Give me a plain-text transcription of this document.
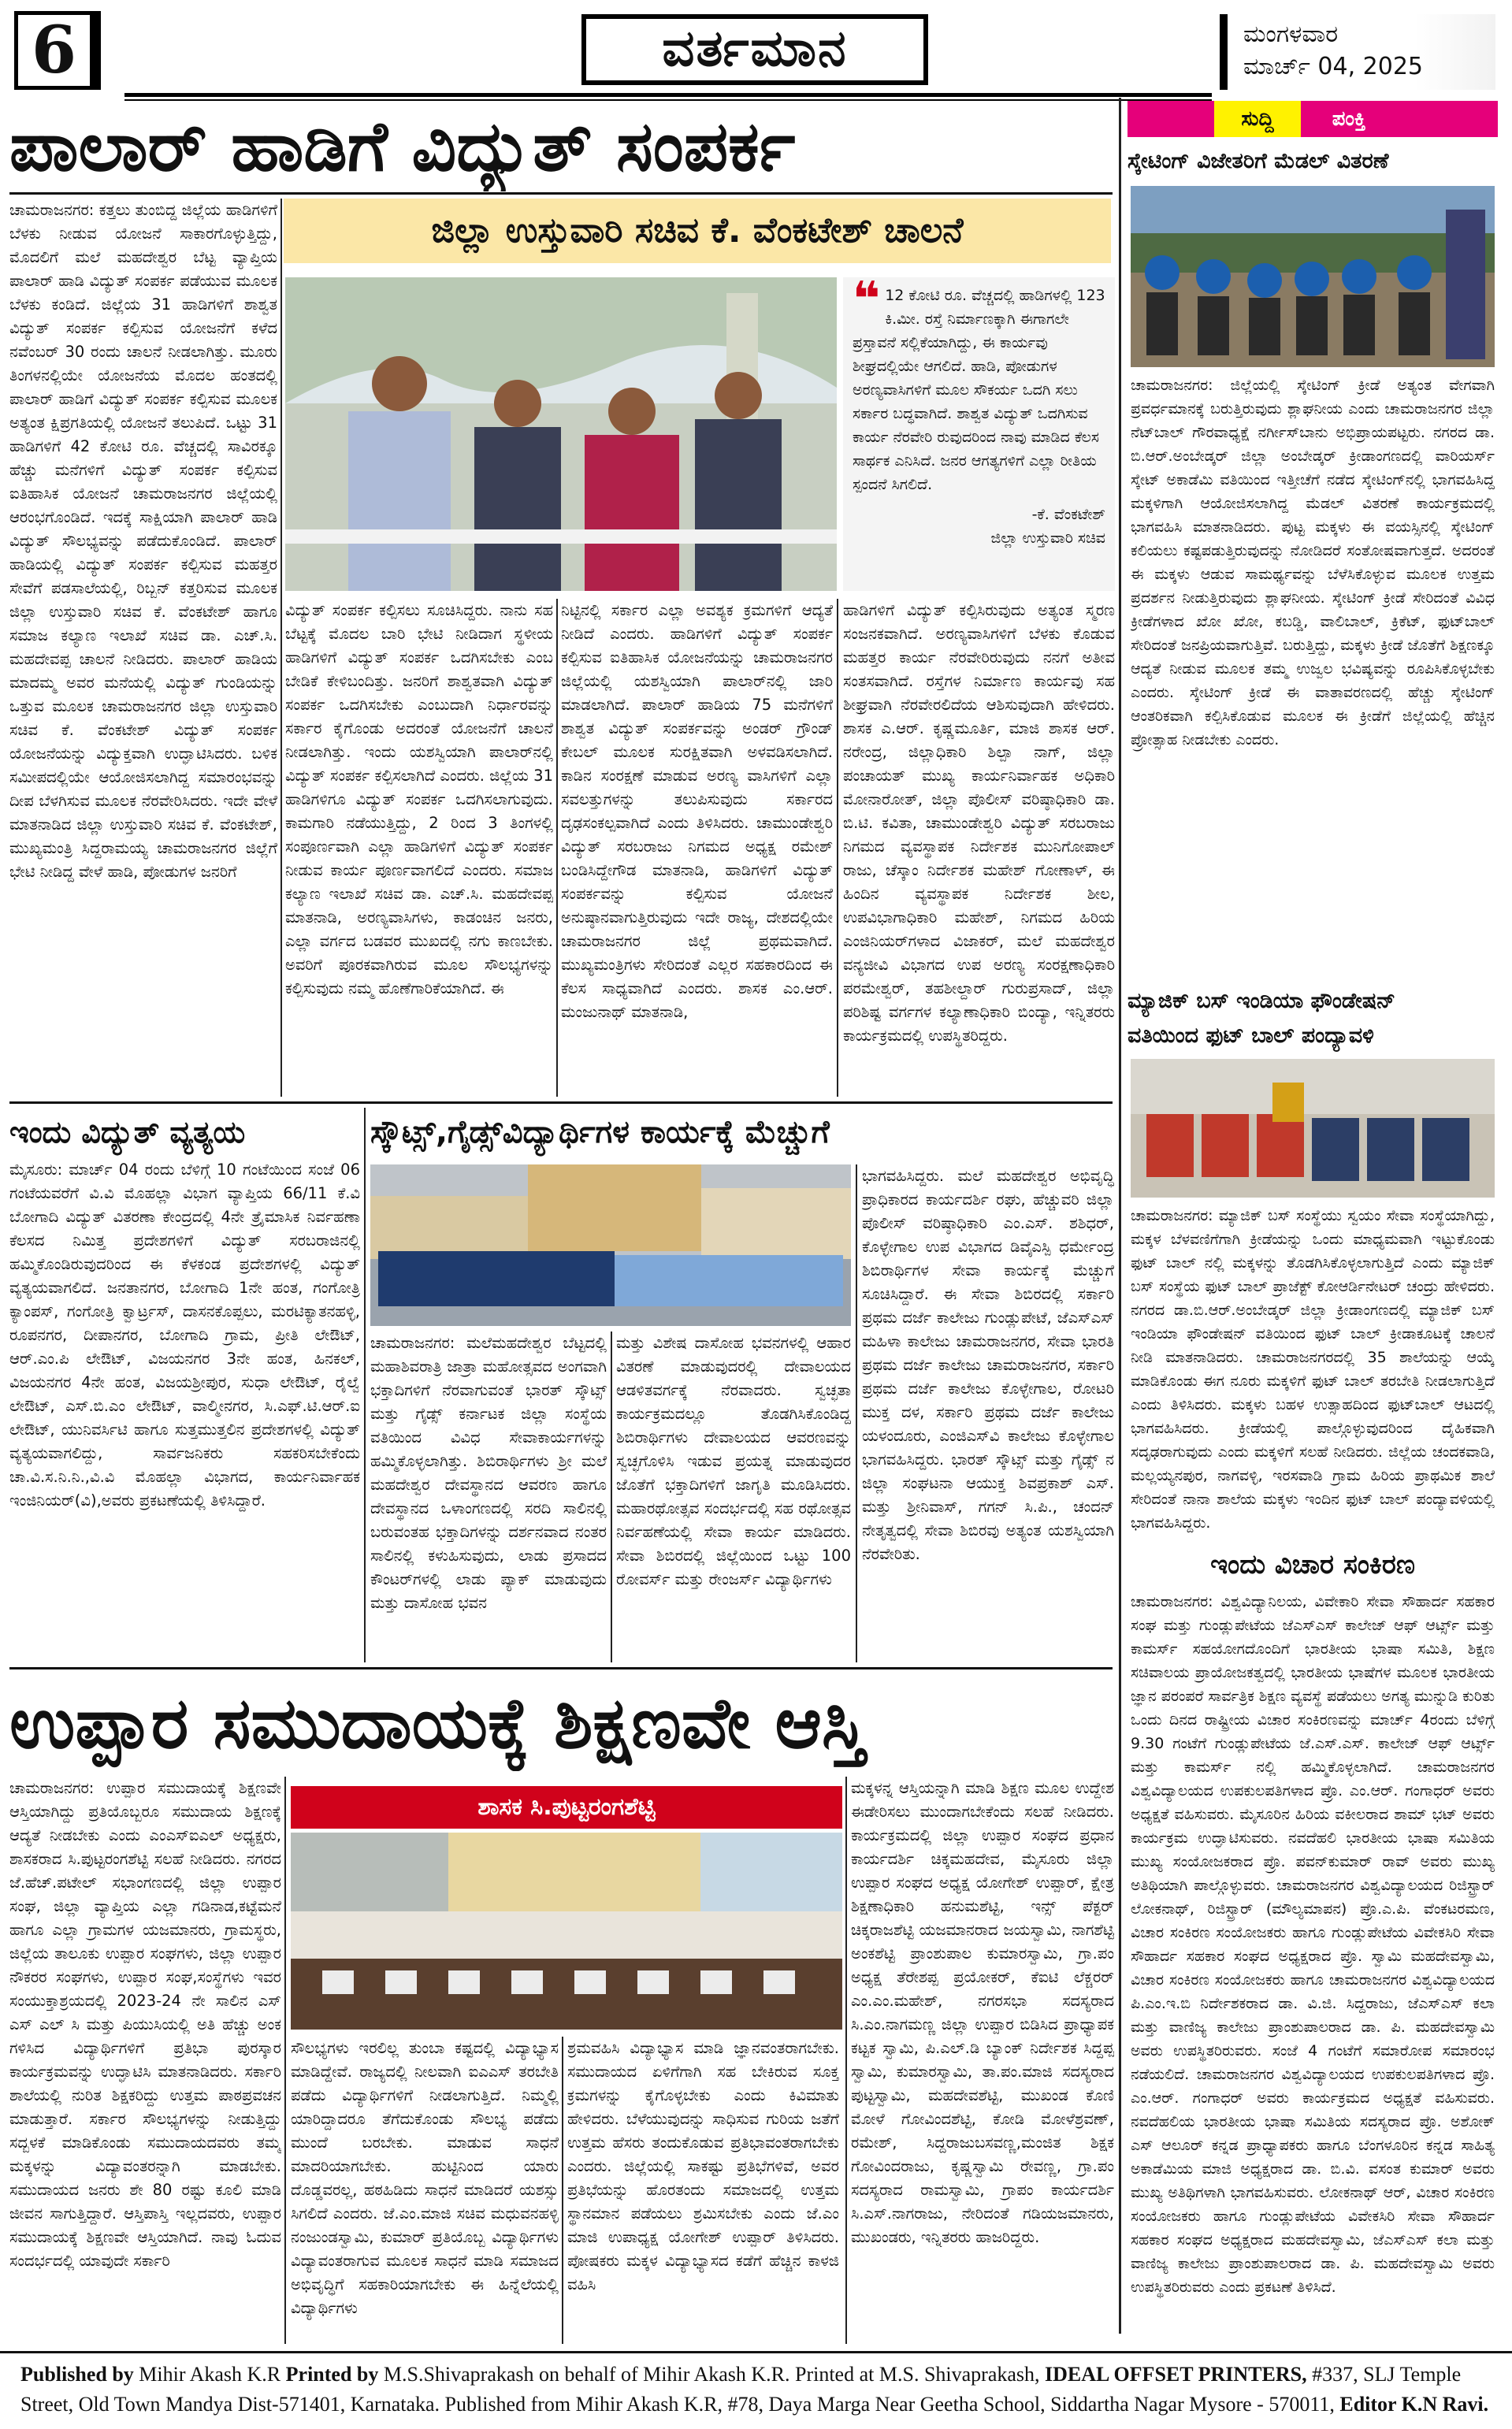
6	ವರ್ತಮಾನ	ಮಂಗಳವಾರ
ಮಾರ್ಚ್ 04, 2025
ಪಾಲಾರ್ ಹಾಡಿಗೆ ವಿದ್ಯುತ್ ಸಂಪರ್ಕ
ಚಾಮರಾಜನಗರ: ಕತ್ತಲು ತುಂಬಿದ್ದ ಜಿಲ್ಲೆಯ ಹಾಡಿಗಳಿಗೆ ಬೆಳಕು ನೀಡುವ ಯೋಜನೆ ಸಾಕಾರಗೊಳ್ಳುತ್ತಿದ್ದು, ಮೊದಲಿಗೆ ಮಲೆ ಮಹದೇಶ್ವರ ಬೆಟ್ಟ ವ್ಯಾಪ್ತಿಯ ಪಾಲಾರ್ ಹಾಡಿ ವಿದ್ಯುತ್ ಸಂಪರ್ಕ ಪಡೆಯುವ ಮೂಲಕ ಬೆಳಕು ಕಂಡಿದೆ. ಜಿಲ್ಲೆಯ 31 ಹಾಡಿಗಳಿಗೆ ಶಾಶ್ವತ ವಿದ್ಯುತ್ ಸಂಪರ್ಕ ಕಲ್ಪಿಸುವ ಯೋಜನೆಗೆ ಕಳೆದ ನವೆಂಬರ್ 30 ರಂದು ಚಾಲನೆ ನೀಡಲಾಗಿತ್ತು. ಮೂರು ತಿಂಗಳನಲ್ಲಿಯೇ ಯೋಜನೆಯ ಮೊದಲ ಹಂತದಲ್ಲಿ ಪಾಲಾರ್ ಹಾಡಿಗೆ ವಿದ್ಯುತ್ ಸಂಪರ್ಕ ಕಲ್ಪಿಸುವ ಮೂಲಕ ಅತ್ಯಂತ ಕ್ಷಿಪ್ರಗತಿಯಲ್ಲಿ ಯೋಜನೆ ತಲುಪಿದೆ. ಒಟ್ಟು 31 ಹಾಡಿಗಳಿಗೆ 42 ಕೋಟಿ ರೂ. ವೆಚ್ಚದಲ್ಲಿ ಸಾವಿರಕ್ಕೂ ಹೆಚ್ಚು ಮನೆಗಳಿಗೆ ವಿದ್ಯುತ್ ಸಂಪರ್ಕ ಕಲ್ಪಿಸುವ ಐತಿಹಾಸಿಕ ಯೋಜನೆ ಚಾಮರಾಜನಗರ ಜಿಲ್ಲೆಯಲ್ಲಿ ಆರಂಭಗೊಂಡಿದೆ. ಇದಕ್ಕೆ ಸಾಕ್ಷಿಯಾಗಿ ಪಾಲಾರ್ ಹಾಡಿ ವಿದ್ಯುತ್ ಸೌಲಭ್ಯವನ್ನು ಪಡೆದುಕೊಂಡಿದೆ. ಪಾಲಾರ್ ಹಾಡಿಯಲ್ಲಿ ವಿದ್ಯುತ್ ಸಂಪರ್ಕ ಕಲ್ಪಿಸುವ ಮಹತ್ತರ ಸೇವೆಗೆ ಪಡಸಾಲೆಯಲ್ಲಿ, ರಿಬ್ಬನ್ ಕತ್ತರಿಸುವ ಮೂಲಕ ಜಿಲ್ಲಾ ಉಸ್ತುವಾರಿ ಸಚಿವ ಕೆ. ವೆಂಕಟೇಶ್ ಹಾಗೂ ಸಮಾಜ ಕಲ್ಯಾಣ ಇಲಾಖೆ ಸಚಿವ ಡಾ. ಎಚ್.ಸಿ. ಮಹದೇವಪ್ಪ ಚಾಲನೆ ನೀಡಿದರು. ಪಾಲಾರ್ ಹಾಡಿಯ ಮಾದಮ್ಮ ಅವರ ಮನೆಯಲ್ಲಿ ವಿದ್ಯುತ್ ಗುಂಡಿಯನ್ನು ಒತ್ತುವ ಮೂಲಕ ಚಾಮರಾಜನಗರ ಜಿಲ್ಲಾ ಉಸ್ತುವಾರಿ ಸಚಿವ ಕೆ. ವೆಂಕಟೇಶ್ ವಿದ್ಯುತ್ ಸಂಪರ್ಕ ಯೋಜನೆಯನ್ನು ವಿದ್ಯುಕ್ತವಾಗಿ ಉದ್ಘಾಟಿಸಿದರು. ಬಳಿಕ ಸಮೀಪದಲ್ಲಿಯೇ ಆಯೋಜಿಸಲಾಗಿದ್ದ ಸಮಾರಂಭವನ್ನು ದೀಪ ಬೆಳಗಿಸುವ ಮೂಲಕ ನೆರವೇರಿಸಿದರು. ಇದೇ ವೇಳೆ ಮಾತನಾಡಿದ ಜಿಲ್ಲಾ ಉಸ್ತುವಾರಿ ಸಚಿವ ಕೆ. ವೆಂಕಟೇಶ್, ಮುಖ್ಯಮಂತ್ರಿ ಸಿದ್ದರಾಮಯ್ಯ ಚಾಮರಾಜನಗರ ಜಿಲ್ಲೆಗೆ ಭೇಟಿ ನೀಡಿದ್ದ ವೇಳೆ ಹಾಡಿ, ಪೋಡುಗಳ ಜನರಿಗೆ
ಜಿಲ್ಲಾ ಉಸ್ತುವಾರಿ ಸಚಿವ ಕೆ. ವೆಂಕಟೇಶ್ ಚಾಲನೆ
❝ 12 ಕೋಟಿ ರೂ. ವೆಚ್ಚದಲ್ಲಿ ಹಾಡಿಗಳಲ್ಲಿ 123 ಕಿ.ಮೀ. ರಸ್ತೆ ನಿರ್ಮಾಣಕ್ಕಾಗಿ ಈಗಾಗಲೇ ಪ್ರಸ್ತಾವನೆ ಸಲ್ಲಿಕೆಯಾಗಿದ್ದು, ಈ ಕಾರ್ಯವು ಶೀಘ್ರದಲ್ಲಿಯೇ ಆಗಲಿದೆ. ಹಾಡಿ, ಪೋಡುಗಳ ಅರಣ್ಯವಾಸಿಗಳಿಗೆ ಮೂಲ ಸೌಕರ್ಯ ಒದಗಿ ಸಲು ಸರ್ಕಾರ ಬದ್ಧವಾಗಿದೆ. ಶಾಶ್ವತ ವಿದ್ಯುತ್ ಒದಗಿಸುವ ಕಾರ್ಯ ನೆರವೇರಿ ರುವುದರಿಂದ ನಾವು ಮಾಡಿದ ಕೆಲಸ ಸಾರ್ಥಕ ಎನಿಸಿದೆ. ಜನರ ಆಗತ್ಯಗಳಿಗೆ ಎಲ್ಲಾ ರೀತಿಯ ಸ್ಪಂದನೆ ಸಿಗಲಿದೆ.
-ಕೆ. ವೆಂಕಟೇಶ್
ಜಿಲ್ಲಾ ಉಸ್ತುವಾರಿ ಸಚಿವ
ವಿದ್ಯುತ್ ಸಂಪರ್ಕ ಕಲ್ಪಿಸಲು ಸೂಚಿಸಿದ್ದರು. ನಾನು ಸಹ ಬೆಟ್ಟಕ್ಕೆ ಮೊದಲ ಬಾರಿ ಭೇಟಿ ನೀಡಿದಾಗ ಸ್ಥಳೀಯ ಹಾಡಿಗಳಿಗೆ ವಿದ್ಯುತ್ ಸಂಪರ್ಕ ಒದಗಿಸಬೇಕು ಎಂಬ ಬೇಡಿಕೆ ಕೇಳಿಬಂದಿತ್ತು. ಜನರಿಗೆ ಶಾಶ್ವತವಾಗಿ ವಿದ್ಯುತ್ ಸಂಪರ್ಕ ಒದಗಿಸಬೇಕು ಎಂಬುದಾಗಿ ನಿರ್ಧಾರವನ್ನು ಸರ್ಕಾರ ಕೈಗೊಂಡು ಅದರಂತೆ ಯೋಜನೆಗೆ ಚಾಲನೆ ನೀಡಲಾಗಿತ್ತು. ಇಂದು ಯಶಸ್ವಿಯಾಗಿ ಪಾಲಾರ್‌ನಲ್ಲಿ ವಿದ್ಯುತ್ ಸಂಪರ್ಕ ಕಲ್ಪಿಸಲಾಗಿದೆ ಎಂದರು. ಜಿಲ್ಲೆಯ 31 ಹಾಡಿಗಳಿಗೂ ವಿದ್ಯುತ್ ಸಂಪರ್ಕ ಒದಗಿಸಲಾಗುವುದು. ಕಾಮಗಾರಿ ನಡೆಯುತ್ತಿದ್ದು, 2 ರಿಂದ 3 ತಿಂಗಳಲ್ಲಿ ಸಂಪೂರ್ಣವಾಗಿ ಎಲ್ಲಾ ಹಾಡಿಗಳಿಗೆ ವಿದ್ಯುತ್ ಸಂಪರ್ಕ ನೀಡುವ ಕಾರ್ಯ ಪೂರ್ಣವಾಗಲಿದೆ ಎಂದರು. ಸಮಾಜ ಕಲ್ಯಾಣ ಇಲಾಖೆ ಸಚಿವ ಡಾ. ಎಚ್.ಸಿ. ಮಹದೇವಪ್ಪ ಮಾತನಾಡಿ, ಅರಣ್ಯವಾಸಿಗಳು, ಕಾಡಂಚಿನ ಜನರು, ಎಲ್ಲಾ ವರ್ಗದ ಬಡವರ ಮುಖದಲ್ಲಿ ನಗು ಕಾಣಬೇಕು. ಅವರಿಗೆ ಪೂರಕವಾಗಿರುವ ಮೂಲ ಸೌಲಭ್ಯಗಳನ್ನು ಕಲ್ಪಿಸುವುದು ನಮ್ಮ ಹೊಣೆಗಾರಿಕೆಯಾಗಿದೆ. ಈ
ನಿಟ್ಟಿನಲ್ಲಿ ಸರ್ಕಾರ ಎಲ್ಲಾ ಅವಶ್ಯಕ ಕ್ರಮಗಳಿಗೆ ಆದ್ಯತೆ ನೀಡಿದೆ ಎಂದರು. ಹಾಡಿಗಳಿಗೆ ವಿದ್ಯುತ್ ಸಂಪರ್ಕ ಕಲ್ಪಿಸುವ ಐತಿಹಾಸಿಕ ಯೋಜನೆಯನ್ನು ಚಾಮರಾಜನಗರ ಜಿಲ್ಲೆಯಲ್ಲಿ ಯಶಸ್ವಿಯಾಗಿ ಪಾಲಾರ್‌ನಲ್ಲಿ ಜಾರಿ ಮಾಡಲಾಗಿದೆ. ಪಾಲಾರ್ ಹಾಡಿಯ 75 ಮನೆಗಳಿಗೆ ಶಾಶ್ವತ ವಿದ್ಯುತ್ ಸಂಪರ್ಕವನ್ನು ಅಂಡರ್ ಗ್ರೌಂಡ್ ಕೇಬಲ್ ಮೂಲಕ ಸುರಕ್ಷಿತವಾಗಿ ಅಳವಡಿಸಲಾಗಿದೆ. ಕಾಡಿನ ಸಂರಕ್ಷಣೆ ಮಾಡುವ ಅರಣ್ಯ ವಾಸಿಗಳಿಗೆ ಎಲ್ಲಾ ಸವಲತ್ತುಗಳನ್ನು ತಲುಪಿಸುವುದು ಸರ್ಕಾರದ ದೃಢಸಂಕಲ್ಪವಾಗಿದೆ ಎಂದು ತಿಳಿಸಿದರು. ಚಾಮುಂಡೇಶ್ವರಿ ವಿದ್ಯುತ್ ಸರಬರಾಜು ನಿಗಮದ ಅಧ್ಯಕ್ಷ ರಮೇಶ್ ಬಂಡಿಸಿದ್ದೇಗೌಡ ಮಾತನಾಡಿ, ಹಾಡಿಗಳಿಗೆ ವಿದ್ಯುತ್ ಸಂಪರ್ಕವನ್ನು ಕಲ್ಪಿಸುವ ಯೋಜನೆ ಅನುಷ್ಠಾನವಾಗುತ್ತಿರುವುದು ಇದೇ ರಾಜ್ಯ, ದೇಶದಲ್ಲಿಯೇ ಚಾಮರಾಜನಗರ ಜಿಲ್ಲೆ ಪ್ರಥಮವಾಗಿದೆ. ಮುಖ್ಯಮಂತ್ರಿಗಳು ಸೇರಿದಂತೆ ಎಲ್ಲರ ಸಹಕಾರದಿಂದ ಈ ಕೆಲಸ ಸಾಧ್ಯವಾಗಿದೆ ಎಂದರು. ಶಾಸಕ ಎಂ.ಆರ್. ಮಂಜುನಾಥ್ ಮಾತನಾಡಿ,
ಹಾಡಿಗಳಿಗೆ ವಿದ್ಯುತ್ ಕಲ್ಪಿಸಿರುವುದು ಅತ್ಯಂತ ಸ್ಮರಣ ಸಂಜನಕವಾಗಿದೆ. ಅರಣ್ಯವಾಸಿಗಳಿಗೆ ಬೆಳಕು ಕೊಡುವ ಮಹತ್ತರ ಕಾರ್ಯ ನೆರವೇರಿರುವುದು ನನಗೆ ಅತೀವ ಸಂತಸವಾಗಿದೆ. ರಸ್ತೆಗಳ ನಿರ್ಮಾಣ ಕಾರ್ಯವು ಸಹ ಶೀಘ್ರವಾಗಿ ನೆರವೇರಲಿದೆಯ ಆಶಿಸುವುದಾಗಿ ಹೇಳಿದರು. ಶಾಸಕ ಎ.ಆರ್. ಕೃಷ್ಣಮೂರ್ತಿ, ಮಾಜಿ ಶಾಸಕ ಆರ್. ನರೇಂದ್ರ, ಜಿಲ್ಲಾಧಿಕಾರಿ ಶಿಲ್ಪಾ ನಾಗ್, ಜಿಲ್ಲಾ ಪಂಚಾಯತ್ ಮುಖ್ಯ ಕಾರ್ಯನಿರ್ವಾಹಕ ಅಧಿಕಾರಿ ಮೋನಾರೋತ್, ಜಿಲ್ಲಾ ಪೊಲೀಸ್ ವರಿಷ್ಠಾಧಿಕಾರಿ ಡಾ. ಬಿ.ಟಿ. ಕವಿತಾ, ಚಾಮುಂಡೇಶ್ವರಿ ವಿದ್ಯುತ್ ಸರಬರಾಜು ನಿಗಮದ ವ್ಯವಸ್ಥಾಪಕ ನಿರ್ದೇಶಕ ಮುನಿಗೋಪಾಲ್ ರಾಜು, ಚೆಸ್ಕಾಂ ನಿರ್ದೇಶಕ ಮಹೇಶ್ ಗೋಣಾಳ್, ಈ ಹಿಂದಿನ ವ್ಯವಸ್ಥಾಪಕ ನಿರ್ದೇಶಕ ಶೀಲ, ಉಪವಿಭಾಗಾಧಿಕಾರಿ ಮಹೇಶ್, ನಿಗಮದ ಹಿರಿಯ ಎಂಜಿನಿಯರ್‌ಗಳಾದ ವಿಜಾಕರ್, ಮಲೆ ಮಹದೇಶ್ವರ ವನ್ಯಜೀವಿ ವಿಭಾಗದ ಉಪ ಅರಣ್ಯ ಸಂರಕ್ಷಣಾಧಿಕಾರಿ ಪರಮೇಶ್ವರ್, ತಹಶೀಲ್ದಾರ್ ಗುರುಪ್ರಸಾದ್, ಜಿಲ್ಲಾ ಪರಿಶಿಷ್ಟ ವರ್ಗಗಳ ಕಲ್ಯಾಣಾಧಿಕಾರಿ ಬಿಂದ್ಯಾ, ಇನ್ನಿತರರು ಕಾರ್ಯಕ್ರಮದಲ್ಲಿ ಉಪಸ್ಥಿತರಿದ್ದರು.
ಇಂದು ವಿದ್ಯುತ್ ವ್ಯತ್ಯಯ
ಮೈಸೂರು: ಮಾರ್ಚ್ 04 ರಂದು ಬೆಳಿಗ್ಗೆ 10 ಗಂಟೆಯಿಂದ ಸಂಜೆ 06 ಗಂಟೆಯವರೆಗೆ ವಿ.ವಿ ಮೊಹಲ್ಲಾ ವಿಭಾಗ ವ್ಯಾಪ್ತಿಯ 66/11 ಕೆ.ವಿ ಬೋಗಾದಿ ವಿದ್ಯುತ್ ವಿತರಣಾ ಕೇಂದ್ರದಲ್ಲಿ 4ನೇ ತ್ರೈಮಾಸಿಕ ನಿರ್ವಹಣಾ ಕೆಲಸದ ನಿಮಿತ್ತ ಪ್ರದೇಶಗಳಿಗೆ ವಿದ್ಯುತ್ ಸರಬರಾಜಿನಲ್ಲಿ ಹಮ್ಮಿಕೊಂಡಿರುವುದರಿಂದ ಈ ಕೆಳಕಂಡ ಪ್ರದೇಶಗಳಲ್ಲಿ ವಿದ್ಯುತ್ ವ್ಯತ್ಯಯವಾಗಲಿದೆ. ಜನತಾನಗರ, ಬೋಗಾದಿ 1ನೇ ಹಂತ, ಗಂಗೋತ್ರಿ ಕ್ಯಾಂಪಸ್, ಗಂಗೋತ್ರಿ ಕ್ವಾರ್ಟ್ರಸ್, ದಾಸನಕೊಪ್ಪಲು, ಮರಟಿಕ್ಯಾತನಹಳ್ಳಿ, ರೂಪನಗರ, ದೀಪಾನಗರ, ಬೋಗಾದಿ ಗ್ರಾಮ, ಪ್ರೀತಿ ಲೇಔಟ್, ಆರ್.ಎಂ.ಪಿ ಲೇಔಟ್, ವಿಜಯನಗರ 3ನೇ ಹಂತ, ಹಿನಕಲ್, ವಿಜಯನಗರ 4ನೇ ಹಂತ, ವಿಜಯಶ್ರೀಪುರ, ಸುಧಾ ಲೇಔಟ್, ರೈಲ್ವೆ ಲೇಔಟ್, ಎಸ್.ಬಿ.ಎಂ ಲೇಔಟ್, ವಾಲ್ಮೀನಗರ, ಸಿ.ಎಫ್.ಟಿ.ಆರ್.ಐ ಲೇಔಟ್, ಯುನಿವರ್ಸಿಟಿ ಹಾಗೂ ಸುತ್ತಮುತ್ತಲಿನ ಪ್ರದೇಶಗಳಲ್ಲಿ ವಿದ್ಯುತ್ ವ್ಯತ್ಯಯವಾಗಲಿದ್ದು, ಸಾರ್ವಜನಿಕರು ಸಹಕರಿಸಬೇಕೆಂದು ಚಾ.ವಿ.ಸ.ನಿ.ನಿ.,ವಿ.ವಿ ಮೊಹಲ್ಲಾ ವಿಭಾಗದ, ಕಾರ್ಯನಿರ್ವಾಹಕ ಇಂಜಿನಿಯರ್(ವಿ),ಅವರು ಪ್ರಕಟಣೆಯಲ್ಲಿ ತಿಳಿಸಿದ್ದಾರೆ.
ಸ್ಕೌಟ್ಸ್,ಗೈಡ್ಸ್‌ವಿದ್ಯಾರ್ಥಿಗಳ ಕಾರ್ಯಕ್ಕೆ ಮೆಚ್ಚುಗೆ
ಚಾಮರಾಜನಗರ: ಮಲೆಮಹದೇಶ್ವರ ಬೆಟ್ಟದಲ್ಲಿ ಮಹಾಶಿವರಾತ್ರಿ ಜಾತ್ರಾ ಮಹೋತ್ಸವದ ಅಂಗವಾಗಿ ಭಕ್ತಾದಿಗಳಿಗೆ ನೆರವಾಗುವಂತೆ ಭಾರತ್ ಸ್ಕೌಟ್ಸ್ ಮತ್ತು ಗೈಡ್ಸ್ ಕರ್ನಾಟಕ ಜಿಲ್ಲಾ ಸಂಸ್ಥೆಯ ವತಿಯಿಂದ ವಿವಿಧ ಸೇವಾಕಾರ್ಯಗಳನ್ನು ಹಮ್ಮಿಕೊಳ್ಳಲಾಗಿತ್ತು. ಶಿಬಿರಾರ್ಥಿಗಳು ಶ್ರೀ ಮಲೆ ಮಹದೇಶ್ವರ ದೇವಸ್ಥಾನದ ಆವರಣ ಹಾಗೂ ದೇವಸ್ಥಾನದ ಒಳಾಂಗಣದಲ್ಲಿ ಸರದಿ ಸಾಲಿನಲ್ಲಿ ಬರುವಂತಹ ಭಕ್ತಾದಿಗಳನ್ನು ದರ್ಶನವಾದ ನಂತರ ಸಾಲಿನಲ್ಲಿ ಕಳುಹಿಸುವುದು, ಲಾಡು ಪ್ರಸಾದದ ಕೌಂಟರ್‌ಗಳಲ್ಲಿ ಲಾಡು ಪ್ಯಾಕ್ ಮಾಡುವುದು ಮತ್ತು ದಾಸೋಹ ಭವನ
ಮತ್ತು ವಿಶೇಷ ದಾಸೋಹ ಭವನಗಳಲ್ಲಿ ಆಹಾರ ವಿತರಣೆ ಮಾಡುವುದರಲ್ಲಿ ದೇವಾಲಯದ ಆಡಳಿತವರ್ಗಕ್ಕೆ ನೆರವಾದರು. ಸ್ವಚ್ಛತಾ ಕಾರ್ಯಕ್ರಮದಲ್ಲೂ ತೊಡಗಿಸಿಕೊಂಡಿದ್ದ ಶಿಬಿರಾರ್ಥಿಗಳು ದೇವಾಲಯದ ಆವರಣವನ್ನು ಸ್ವಚ್ಛಗೊಳಿಸಿ ಇಡುವ ಪ್ರಯತ್ನ ಮಾಡುವುದರ ಜೊತೆಗೆ ಭಕ್ತಾದಿಗಳಿಗೆ ಜಾಗೃತಿ ಮೂಡಿಸಿದರು. ಮಹಾರಥೋತ್ಸವ ಸಂದರ್ಭದಲ್ಲಿ ಸಹ ರಥೋತ್ಸವ ನಿರ್ವಹಣೆಯಲ್ಲಿ ಸೇವಾ ಕಾರ್ಯ ಮಾಡಿದರು. ಸೇವಾ ಶಿಬಿರದಲ್ಲಿ ಜಿಲ್ಲೆಯಿಂದ ಒಟ್ಟು 100 ರೋವರ್ಸ್ ಮತ್ತು ರೇಂಜರ್ಸ್ ವಿದ್ಯಾರ್ಥಿಗಳು
ಭಾಗವಹಿಸಿದ್ದರು. ಮಲೆ ಮಹದೇಶ್ವರ ಅಭಿವೃದ್ಧಿ ಪ್ರಾಧಿಕಾರದ ಕಾರ್ಯದರ್ಶಿ ರಘು, ಹೆಚ್ಚುವರಿ ಜಿಲ್ಲಾ ಪೊಲೀಸ್ ವರಿಷ್ಠಾಧಿಕಾರಿ ಎಂ.ಎಸ್. ಶಶಿಧರ್, ಕೊಳ್ಳೇಗಾಲ ಉಪ ವಿಭಾಗದ ಡಿವೈಎಸ್ಪಿ ಧರ್ಮೇಂದ್ರ ಶಿಬಿರಾರ್ಥಿಗಳ ಸೇವಾ ಕಾರ್ಯಕ್ಕೆ ಮೆಚ್ಚುಗೆ ಸೂಚಿಸಿದ್ದಾರೆ. ಈ ಸೇವಾ ಶಿಬಿರದಲ್ಲಿ ಸರ್ಕಾರಿ ಪ್ರಥಮ ದರ್ಜೆ ಕಾಲೇಜು ಗುಂಡ್ಲುಪೇಟೆ, ಜೆಎಸ್ಎಸ್ ಮಹಿಳಾ ಕಾಲೇಜು ಚಾಮರಾಜನಗರ, ಸೇವಾ ಭಾರತಿ ಪ್ರಥಮ ದರ್ಜೆ ಕಾಲೇಜು ಚಾಮರಾಜನಗರ, ಸರ್ಕಾರಿ ಪ್ರಥಮ ದರ್ಜೆ ಕಾಲೇಜು ಕೊಳ್ಳೇಗಾಲ, ರೋಟರಿ ಮುಕ್ತ ದಳ, ಸರ್ಕಾರಿ ಪ್ರಥಮ ದರ್ಜೆ ಕಾಲೇಜು ಯಳಂದೂರು, ಎಂಜಿಎಸ್‌ವಿ ಕಾಲೇಜು ಕೊಳ್ಳೇಗಾಲ ಭಾಗವಹಿಸಿದ್ದರು. ಭಾರತ್ ಸ್ಕೌಟ್ಸ್ ಮತ್ತು ಗೈಡ್ಸ್ ನ ಜಿಲ್ಲಾ ಸಂಘಟನಾ ಆಯುಕ್ತ ಶಿವಪ್ರಕಾಶ್ ಎಸ್. ಮತ್ತು ಶ್ರೀನಿವಾಸ್, ಗಗನ್ ಸಿ.ಪಿ., ಚಂದನ್ ನೇತೃತ್ವದಲ್ಲಿ ಸೇವಾ ಶಿಬಿರವು ಅತ್ಯಂತ ಯಶಸ್ವಿಯಾಗಿ ನೆರವೇರಿತು.
ಉಪ್ಪಾರ ಸಮುದಾಯಕ್ಕೆ ಶಿಕ್ಷಣವೇ ಆಸ್ತಿ
ಚಾಮರಾಜನಗರ: ಉಪ್ಪಾರ ಸಮುದಾಯಕ್ಕೆ ಶಿಕ್ಷಣವೇ ಆಸ್ತಿಯಾಗಿದ್ದು ಪ್ರತಿಯೊಬ್ಬರೂ ಸಮುದಾಯ ಶಿಕ್ಷಣಕ್ಕೆ ಆದ್ಯತೆ ನೀಡಬೇಕು ಎಂದು ಎಂಎಸ್ಐಎಲ್ ಅಧ್ಯಕ್ಷರು, ಶಾಸಕರಾದ ಸಿ.ಪುಟ್ಟರಂಗಶೆಟ್ಟಿ ಸಲಹೆ ನೀಡಿದರು. ನಗರದ ಜೆ.ಹೆಚ್.ಪಟೇಲ್ ಸಭಾಂಗಣದಲ್ಲಿ ಜಿಲ್ಲಾ ಉಪ್ಪಾರ ಸಂಘ, ಜಿಲ್ಲಾ ವ್ಯಾಪ್ತಿಯ ಎಲ್ಲಾ ಗಡಿನಾಡ,ಕಟ್ಟೆಮನೆ ಹಾಗೂ ಎಲ್ಲಾ ಗ್ರಾಮಗಳ ಯಜಮಾನರು, ಗ್ರಾಮಸ್ಥರು, ಜಿಲ್ಲೆಯ ತಾಲೂಕು ಉಪ್ಪಾರ ಸಂಘಗಳು, ಜಿಲ್ಲಾ ಉಪ್ಪಾರ ನೌಕರರ ಸಂಘಗಳು, ಉಪ್ಪಾರ ಸಂಘ,ಸಂಸ್ಥೆಗಳು ಇವರ ಸಂಯುಕ್ತಾಶ್ರಯದಲ್ಲಿ 2023-24 ನೇ ಸಾಲಿನ ಎಸ್ ಎಸ್ ಎಲ್ ಸಿ ಮತ್ತು ಪಿಯುಸಿಯಲ್ಲಿ ಅತಿ ಹೆಚ್ಚು ಅಂಕ ಗಳಿಸಿದ ವಿದ್ಯಾರ್ಥಿಗಳಿಗೆ ಪ್ರತಿಭಾ ಪುರಸ್ಕಾರ ಕಾರ್ಯಕ್ರಮವನ್ನು ಉದ್ಘಾಟಿಸಿ ಮಾತನಾಡಿದರು. ಸರ್ಕಾರಿ ಶಾಲೆಯಲ್ಲಿ ನುರಿತ ಶಿಕ್ಷಕರಿದ್ದು ಉತ್ತಮ ಪಾಠಪ್ರವಚನ ಮಾಡುತ್ತಾರೆ. ಸರ್ಕಾರ ಸೌಲಭ್ಯಗಳನ್ನು ನೀಡುತ್ತಿದ್ದು ಸದ್ಬಳಕೆ ಮಾಡಿಕೊಂಡು ಸಮುದಾಯದವರು ತಮ್ಮ ಮಕ್ಕಳನ್ನು ವಿದ್ಯಾವಂತರನ್ನಾಗಿ ಮಾಡಬೇಕು. ಸಮುದಾಯದ ಜನರು ಶೇ 80 ರಷ್ಟು ಕೂಲಿ ಮಾಡಿ ಜೀವನ ಸಾಗುತ್ತಿದ್ದಾರೆ. ಆಸ್ತಿಪಾಸ್ತಿ ಇಲ್ಲದವರು, ಉಪ್ಪಾರ ಸಮುದಾಯಕ್ಕೆ ಶಿಕ್ಷಣವೇ ಆಸ್ತಿಯಾಗಿದೆ. ನಾವು ಓದುವ ಸಂದರ್ಭದಲ್ಲಿ ಯಾವುದೇ ಸರ್ಕಾರಿ
ಶಾಸಕ ಸಿ.ಪುಟ್ಟರಂಗಶೆಟ್ಟಿ
ಸೌಲಭ್ಯಗಳು ಇರಲಿಲ್ಲ ತುಂಬಾ ಕಷ್ಟದಲ್ಲಿ ವಿದ್ಯಾಭ್ಯಾಸ ಮಾಡಿದ್ದೇವೆ. ರಾಜ್ಯದಲ್ಲಿ ನೀಲವಾಗಿ ಐಎಎಸ್ ತರಬೇತಿ ಪಡೆದು ವಿದ್ಯಾರ್ಥಿಗಳಿಗೆ ನೀಡಲಾಗುತ್ತಿದೆ. ನಿಮ್ಮಲ್ಲಿ ಯಾರಿದ್ದಾದರೂ ತೆಗೆದುಕೊಂಡು ಸೌಲಭ್ಯ ಪಡೆದು ಮುಂದೆ ಬರಬೇಕು. ಮಾಡುವ ಸಾಧನೆ ಮಾದರಿಯಾಗಬೇಕು. ಹುಟ್ಟಿನಿಂದ ಯಾರು ದೊಡ್ಡವರಲ್ಲ, ಹಠಹಿಡಿದು ಸಾಧನೆ ಮಾಡಿದರೆ ಯಶಸ್ಸು ಸಿಗಲಿದೆ ಎಂದರು. ಜೆ.ಎಂ.ಮಾಜಿ ಸಚಿವ ಮಧುವನಹಳ್ಳಿ ನಂಜುಂಡಸ್ವಾಮಿ, ಕುಮಾರ್ ಪ್ರತಿಯೊಬ್ಬ ವಿದ್ಯಾರ್ಥಿಗಳು ವಿದ್ಯಾವಂತರಾಗುವ ಮೂಲಕ ಸಾಧನೆ ಮಾಡಿ ಸಮಾಜದ ಅಭಿವೃದ್ಧಿಗೆ ಸಹಕಾರಿಯಾಗಬೇಕು ಈ ಹಿನ್ನೆಲೆಯಲ್ಲಿ ವಿದ್ಯಾರ್ಥಿಗಳು
ಶ್ರಮವಹಿಸಿ ವಿದ್ಯಾಭ್ಯಾಸ ಮಾಡಿ ಜ್ಞಾನವಂತರಾಗಬೇಕು. ಸಮುದಾಯದ ಏಳಿಗೆಗಾಗಿ ಸಹ ಬೇಕಿರುವ ಸೂಕ್ತ ಕ್ರಮಗಳನ್ನು ಕೈಗೊಳ್ಳಬೇಕು ಎಂದು ಕಿವಿಮಾತು ಹೇಳಿದರು. ಬೆಳೆಯುವುದನ್ನು ಸಾಧಿಸುವ ಗುರಿಯ ಜತೆಗೆ ಉತ್ತಮ ಹೆಸರು ತಂದುಕೊಡುವ ಪ್ರತಿಭಾವಂತರಾಗಬೇಕು ಎಂದರು. ಜಿಲ್ಲೆಯಲ್ಲಿ ಸಾಕಷ್ಟು ಪ್ರತಿಭೆಗಳಿವೆ, ಅವರ ಪ್ರತಿಭೆಯನ್ನು ಹೊರತಂದು ಸಮಾಜದಲ್ಲಿ ಉತ್ತಮ ಸ್ಥಾನಮಾನ ಪಡೆಯಲು ಶ್ರಮಿಸಬೇಕು ಎಂದು ಜೆ.ಎಂ ಮಾಜಿ ಉಪಾಧ್ಯಕ್ಷ ಯೋಗೇಶ್ ಉಪ್ಪಾರ್ ತಿಳಿಸಿದರು. ಪೋಷಕರು ಮಕ್ಕಳ ವಿದ್ಯಾಭ್ಯಾಸದ ಕಡೆಗೆ ಹೆಚ್ಚಿನ ಕಾಳಜಿ ವಹಿಸಿ
ಮಕ್ಕಳನ್ನ ಆಸ್ತಿಯನ್ನಾಗಿ ಮಾಡಿ ಶಿಕ್ಷಣ ಮೂಲ ಉದ್ದೇಶ ಈಡೇರಿಸಲು ಮುಂದಾಗಬೇಕೆಂದು ಸಲಹೆ ನೀಡಿದರು. ಕಾರ್ಯಕ್ರಮದಲ್ಲಿ ಜಿಲ್ಲಾ ಉಪ್ಪಾರ ಸಂಘದ ಪ್ರಧಾನ ಕಾರ್ಯದರ್ಶಿ ಚಿಕ್ಕಮಹದೇವ, ಮೈಸೂರು ಜಿಲ್ಲಾ ಉಪ್ಪಾರ ಸಂಘದ ಅಧ್ಯಕ್ಷ ಯೋಗೇಶ್ ಉಪ್ಪಾರ್, ಕ್ಷೇತ್ರ ಶಿಕ್ಷಣಾಧಿಕಾರಿ ಹನುಮಶೆಟ್ಟಿ, ಇನ್ಸ್ ಪೆಕ್ಟರ್ ಚಿಕ್ಕರಾಜಶೆಟ್ಟಿ ಯಜಮಾನರಾದ ಜಯಸ್ವಾಮಿ, ನಾಗಶೆಟ್ಟಿ ಅಂಕಶೆಟ್ಟಿ ಪ್ರಾಂಶುಪಾಲ ಕುಮಾರಸ್ವಾಮಿ, ಗ್ರಾ.ಪಂ ಅಧ್ಯಕ್ಷ ತೆರೇಶಪ್ಪ ಪ್ರಯೋಕರ್, ಕೆಐಟಿ ಲೆಕ್ಚರರ್ ಎಂ.ಎಂ.ಮಹೇಶ್, ನಗರಸಭಾ ಸದಸ್ಯರಾದ ಸಿ.ಎಂ.ನಾಗಮಣ್ಣ ಜಿಲ್ಲಾ ಉಪ್ಪಾರ ಬಿಡಿಸಿದ ಪ್ರಾಧ್ಯಾಪಕ ಕಟ್ಟಕ ಸ್ವಾಮಿ, ಪಿ.ಎಲ್.ಡಿ ಬ್ಯಾಂಕ್ ನಿರ್ದೇಶಕ ಸಿದ್ದಪ್ಪ ಸ್ವಾಮಿ, ಕುಮಾರಸ್ವಾಮಿ, ತಾ.ಪಂ.ಮಾಜಿ ಸದಸ್ಯರಾದ ಪುಟ್ಟಸ್ವಾಮಿ, ಮಹದೇವಶೆಟ್ಟಿ, ಮುಖಂಡ ಕೊಣಿ ಮೋಳೆ ಗೋವಿಂದಶೆಟ್ಟಿ, ಕೋಡಿ ಮೋಳೆಶ್ರವಣ್, ರಮೇಶ್, ಸಿದ್ದರಾಜುಬಸವಣ್ಣ,ಮಂಜಿತ ಶಿಕ್ಷಕ ಗೋವಿಂದರಾಜು, ಕೃಷ್ಣಸ್ವಾಮಿ ರೇವಣ್ಣ, ಗ್ರಾ.ಪಂ ಸದಸ್ಯರಾದ ರಾಮಸ್ವಾಮಿ, ಗ್ರಾಪಂ ಕಾರ್ಯದರ್ಶಿ ಸಿ.ಎಸ್.ನಾಗರಾಜು, ನೇರಿದಂತೆ ಗಡಿಯಜಮಾನರು, ಮುಖಂಡರು, ಇನ್ನಿತರರು ಹಾಜರಿದ್ದರು.
ಸುದ್ದಿ	ಪಂಕ್ತಿ
ಸ್ಕೇಟಿಂಗ್ ವಿಜೇತರಿಗೆ ಮೆಡಲ್ ವಿತರಣೆ
ಚಾಮರಾಜನಗರ: ಜಿಲ್ಲೆಯಲ್ಲಿ ಸ್ಕೇಟಿಂಗ್ ಕ್ರೀಡೆ ಅತ್ಯಂತ ವೇಗವಾಗಿ ಪ್ರವರ್ಧಮಾನಕ್ಕೆ ಬರುತ್ತಿರುವುದು ಶ್ಲಾಘನೀಯ ಎಂದು ಚಾಮರಾಜನಗರ ಜಿಲ್ಲಾ ನೆಟ್‌ಬಾಲ್ ಗೌರವಾಧ್ಯಕ್ಷೆ ನರ್ಗೀಸ್‌ಬಾನು ಅಭಿಪ್ರಾಯಪಟ್ಟರು. ನಗರದ ಡಾ. ಬಿ.ಆರ್.ಅಂಬೇಡ್ಕರ್ ಜಿಲ್ಲಾ ಅಂಬೇಡ್ಕರ್ ಕ್ರೀಡಾಂಗಣದಲ್ಲಿ ವಾರಿಯರ್ಸ್ ಸ್ಕೇಟ್ ಅಕಾಡೆಮಿ ವತಿಯಿಂದ ಇತ್ತೀಚೆಗೆ ನಡೆದ ಸ್ಕೇಟಿಂಗ್‌ನಲ್ಲಿ ಭಾಗವಹಿಸಿದ್ದ ಮಕ್ಕಳಿಗಾಗಿ ಆಯೋಜಿಸಲಾಗಿದ್ದ ಮೆಡಲ್ ವಿತರಣೆ ಕಾರ್ಯಕ್ರಮದಲ್ಲಿ ಭಾಗವಹಿಸಿ ಮಾತನಾಡಿದರು. ಪುಟ್ಟ ಮಕ್ಕಳು ಈ ವಯಸ್ಸಿನಲ್ಲಿ ಸ್ಕೇಟಿಂಗ್ ಕಲಿಯಲು ಕಷ್ಟಪಡುತ್ತಿರುವುದನ್ನು ನೋಡಿದರೆ ಸಂತೋಷವಾಗುತ್ತದೆ. ಅದರಂತೆ ಈ ಮಕ್ಕಳು ಆಡುವ ಸಾಮರ್ಥ್ಯವನ್ನು ಬೆಳೆಸಿಕೊಳ್ಳುವ ಮೂಲಕ ಉತ್ತಮ ಪ್ರದರ್ಶನ ನೀಡುತ್ತಿರುವುದು ಶ್ಲಾಘನೀಯ. ಸ್ಕೇಟಿಂಗ್ ಕ್ರೀಡೆ ಸೇರಿದಂತೆ ವಿವಿಧ ಕ್ರೀಡೆಗಳಾದ ಖೋ ಖೋ, ಕಬಡ್ಡಿ, ವಾಲಿಬಾಲ್, ಕ್ರಿಕೆಟ್, ಫುಟ್‌ಬಾಲ್ ಸೇರಿದಂತೆ ಜನಪ್ರಿಯವಾಗುತ್ತಿವೆ. ಬರುತ್ತಿದ್ದು, ಮಕ್ಕಳು ಕ್ರೀಡೆ ಜೊತೆಗೆ ಶಿಕ್ಷಣಕ್ಕೂ ಆದ್ಯತೆ ನೀಡುವ ಮೂಲಕ ತಮ್ಮ ಉಜ್ವಲ ಭವಿಷ್ಯವನ್ನು ರೂಪಿಸಿಕೊಳ್ಳಬೇಕು ಎಂದರು. ಸ್ಕೇಟಿಂಗ್ ಕ್ರೀಡೆ ಈ ವಾತಾವರಣದಲ್ಲಿ ಹೆಚ್ಚು ಸ್ಕೇಟಿಂಗ್ ಆಂತರಿಕವಾಗಿ ಕಲ್ಪಿಸಿಕೊಡುವ ಮೂಲಕ ಈ ಕ್ರೀಡೆಗೆ ಜಿಲ್ಲೆಯಲ್ಲಿ ಹೆಚ್ಚಿನ ಪ್ರೋತ್ಸಾಹ ನೀಡಬೇಕು ಎಂದರು.
ಮ್ಯಾಜಿಕ್ ಬಸ್ ಇಂಡಿಯಾ ಫೌಂಡೇಷನ್
ವತಿಯಿಂದ ಫುಟ್ ಬಾಲ್ ಪಂದ್ಯಾವಳಿ
ಚಾಮರಾಜನಗರ: ಮ್ಯಾಜಿಕ್ ಬಸ್ ಸಂಸ್ಥೆಯು ಸ್ವಯಂ ಸೇವಾ ಸಂಸ್ಥೆಯಾಗಿದ್ದು, ಮಕ್ಕಳ ಬೆಳವಣಿಗೆಗಾಗಿ ಕ್ರೀಡೆಯನ್ನು ಒಂದು ಮಾಧ್ಯಮವಾಗಿ ಇಟ್ಟುಕೊಂಡು ಫುಟ್ ಬಾಲ್ ನಲ್ಲಿ ಮಕ್ಕಳನ್ನು ತೊಡಗಿಸಿಕೊಳ್ಳಲಾಗುತ್ತಿದೆ ಎಂದು ಮ್ಯಾಜಿಕ್ ಬಸ್ ಸಂಸ್ಥೆಯ ಫುಟ್ ಬಾಲ್ ಪ್ರಾಜೆಕ್ಟ್ ಕೋಆರ್ಡಿನೇಟರ್ ಚಂದ್ರು ಹೇಳಿದರು. ನಗರದ ಡಾ.ಬಿ.ಆರ್.ಅಂಬೇಡ್ಕರ್ ಜಿಲ್ಲಾ ಕ್ರೀಡಾಂಗಣದಲ್ಲಿ ಮ್ಯಾಜಿಕ್ ಬಸ್ ಇಂಡಿಯಾ ಫೌಂಡೇಷನ್ ವತಿಯಿಂದ ಫುಟ್ ಬಾಲ್ ಕ್ರೀಡಾಕೂಟಕ್ಕೆ ಚಾಲನೆ ನೀಡಿ ಮಾತನಾಡಿದರು. ಚಾಮರಾಜನಗರದಲ್ಲಿ 35 ಶಾಲೆಯನ್ನು ಆಯ್ಕೆ ಮಾಡಿಕೊಂಡು ಈಗ ನೂರು ಮಕ್ಕಳಿಗೆ ಫುಟ್ ಬಾಲ್ ತರಬೇತಿ ನೀಡಲಾಗುತ್ತಿದೆ ಎಂದು ತಿಳಿಸಿದರು. ಮಕ್ಕಳು ಬಹಳ ಉತ್ಸಾಹದಿಂದ ಫುಟ್‌ಬಾಲ್ ಆಟದಲ್ಲಿ ಭಾಗವಹಿಸಿದರು. ಕ್ರೀಡೆಯಲ್ಲಿ ಪಾಲ್ಗೊಳ್ಳುವುದರಿಂದ ದೈಹಿಕವಾಗಿ ಸದೃಢರಾಗುವುದು ಎಂದು ಮಕ್ಕಳಿಗೆ ಸಲಹೆ ನೀಡಿದರು. ಜಿಲ್ಲೆಯ ಚಂದಕವಾಡಿ, ಮಲ್ಲಯ್ಯನಪುರ, ನಾಗವಳ್ಳಿ, ಇರಸವಾಡಿ ಗ್ರಾಮ ಹಿರಿಯ ಪ್ರಾಥಮಿಕ ಶಾಲೆ ಸೇರಿದಂತೆ ನಾನಾ ಶಾಲೆಯ ಮಕ್ಕಳು ಇಂದಿನ ಫುಟ್ ಬಾಲ್ ಪಂದ್ಯಾವಳಿಯಲ್ಲಿ ಭಾಗವಹಿಸಿದ್ದರು.
ಇಂದು ವಿಚಾರ ಸಂಕಿರಣ
ಚಾಮರಾಜನಗರ: ವಿಶ್ವವಿದ್ಯಾನಿಲಯ, ವಿವೇಕಾರಿ ಸೇವಾ ಸೌಹಾರ್ದ ಸಹಕಾರ ಸಂಘ ಮತ್ತು ಗುಂಡ್ಲುಪೇಟೆಯ ಜೆಎಸ್ಎಸ್ ಕಾಲೇಜ್ ಆಫ್ ಆರ್ಟ್ಸ್ ಮತ್ತು ಕಾಮರ್ಸ್ ಸಹಯೋಗದೊಂದಿಗೆ ಭಾರತೀಯ ಭಾಷಾ ಸಮಿತಿ, ಶಿಕ್ಷಣ ಸಚಿವಾಲಯ ಪ್ರಾಯೋಜಕತ್ವದಲ್ಲಿ ಭಾರತೀಯ ಭಾಷೆಗಳ ಮೂಲಕ ಭಾರತೀಯ ಜ್ಞಾನ ಪರಂಪರೆ ಸಾರ್ವತ್ರಿಕ ಶಿಕ್ಷಣ ವ್ಯವಸ್ಥೆ ಪಡೆಯಲು ಅಗತ್ಯ ಮುನ್ನುಡಿ ಕುರಿತು ಒಂದು ದಿನದ ರಾಷ್ಟ್ರೀಯ ವಿಚಾರ ಸಂಕಿರಣವನ್ನು ಮಾರ್ಚ್ 4ರಂದು ಬೆಳಿಗ್ಗೆ 9.30 ಗಂಟೆಗೆ ಗುಂಡ್ಲುಪೇಟೆಯ ಜೆ.ಎಸ್.ಎಸ್. ಕಾಲೇಜ್ ಆಫ್ ಆರ್ಟ್ಸ್ ಮತ್ತು ಕಾಮರ್ಸ್ ನಲ್ಲಿ ಹಮ್ಮಿಕೊಳ್ಳಲಾಗಿದೆ. ಚಾಮರಾಜನಗರ ವಿಶ್ವವಿದ್ಯಾಲಯದ ಉಪಕುಲಪತಿಗಳಾದ ಪ್ರೊ. ಎಂ.ಆರ್. ಗಂಗಾಧರ್ ಅವರು ಅಧ್ಯಕ್ಷತೆ ವಹಿಸುವರು. ಮೈಸೂರಿನ ಹಿರಿಯ ವಕೀಲರಾದ ಶಾಮ್ ಭಟ್ ಅವರು ಕಾರ್ಯಕ್ರಮ ಉದ್ಘಾಟಿಸುವರು. ನವದೆಹಲಿ ಭಾರತೀಯ ಭಾಷಾ ಸಮಿತಿಯ ಮುಖ್ಯ ಸಂಯೋಜಕರಾದ ಪ್ರೊ. ಪವನ್‌ಕುಮಾರ್ ರಾವ್ ಅವರು ಮುಖ್ಯ ಅತಿಥಿಯಾಗಿ ಪಾಲ್ಗೊಳ್ಳುವರು. ಚಾಮರಾಜನಗರ ವಿಶ್ವವಿದ್ಯಾಲಯದ ರಿಜಿಸ್ಟ್ರಾರ್ ಲೋಕನಾಥ್, ರಿಜಿಸ್ಟ್ರಾರ್ (ಮೌಲ್ಯಮಾಪನ) ಪ್ರೊ.ಎ.ಪಿ. ವೆಂಕಟರಮಣ, ವಿಚಾರ ಸಂಕಿರಣ ಸಂಯೋಜಕರು ಹಾಗೂ ಗುಂಡ್ಲುಪೇಟೆಯ ವಿವೇಕಸಿರಿ ಸೇವಾ ಸೌಹಾರ್ದ ಸಹಕಾರ ಸಂಘದ ಅಧ್ಯಕ್ಷರಾದ ಪ್ರೊ. ಸ್ವಾಮಿ ಮಹದೇವಸ್ವಾಮಿ, ವಿಚಾರ ಸಂಕಿರಣ ಸಂಯೋಜಕರು ಹಾಗೂ ಚಾಮರಾಜನಗರ ವಿಶ್ವವಿದ್ಯಾಲಯದ ಪಿ.ಎಂ.ಇ.ಬಿ ನಿರ್ದೇಶಕರಾದ ಡಾ. ವಿ.ಜಿ. ಸಿದ್ದರಾಜು, ಜೆಎಸ್ಎಸ್ ಕಲಾ ಮತ್ತು ವಾಣಿಜ್ಯ ಕಾಲೇಜು ಪ್ರಾಂಶುಪಾಲರಾದ ಡಾ. ಪಿ. ಮಹದೇವಸ್ವಾಮಿ ಅವರು ಉಪಸ್ಥಿತರಿರುವರು. ಸಂಜೆ 4 ಗಂಟೆಗೆ ಸಮಾರೋಪ ಸಮಾರಂಭ ನಡೆಯಲಿದೆ. ಚಾಮರಾಜನಗರ ವಿಶ್ವವಿದ್ಯಾಲಯದ ಉಪಕುಲಪತಿಗಳಾದ ಪ್ರೊ. ಎಂ.ಆರ್. ಗಂಗಾಧರ್ ಅವರು ಕಾರ್ಯಕ್ರಮದ ಅಧ್ಯಕ್ಷತೆ ವಹಿಸುವರು. ನವದೆಹಲಿಯ ಭಾರತೀಯ ಭಾಷಾ ಸಮಿತಿಯ ಸದಸ್ಯರಾದ ಪ್ರೊ. ಅಶೋಕ್ ಎಸ್ ಆಲೂರ್ ಕನ್ನಡ ಪ್ರಾಧ್ಯಾಪಕರು ಹಾಗೂ ಬೆಂಗಳೂರಿನ ಕನ್ನಡ ಸಾಹಿತ್ಯ ಅಕಾಡೆಮಿಯ ಮಾಜಿ ಅಧ್ಯಕ್ಷರಾದ ಡಾ. ಬಿ.ವಿ. ವಸಂತ ಕುಮಾರ್ ಅವರು ಮುಖ್ಯ ಅತಿಥಿಗಳಾಗಿ ಭಾಗವಹಿಸುವರು. ಲೋಕನಾಥ್ ಆರ್, ವಿಚಾರ ಸಂಕಿರಣ ಸಂಯೋಜಕರು ಹಾಗೂ ಗುಂಡ್ಲುಪೇಟೆಯ ವಿವೇಕಸಿರಿ ಸೇವಾ ಸೌಹಾರ್ದ ಸಹಕಾರ ಸಂಘದ ಅಧ್ಯಕ್ಷರಾದ ಮಹದೇವಸ್ವಾಮಿ, ಜೆಎಸ್ಎಸ್ ಕಲಾ ಮತ್ತು ವಾಣಿಜ್ಯ ಕಾಲೇಜು ಪ್ರಾಂಶುಪಾಲರಾದ ಡಾ. ಪಿ. ಮಹದೇವಸ್ವಾಮಿ ಅವರು ಉಪಸ್ಥಿತರಿರುವರು ಎಂದು ಪ್ರಕಟಣೆ ತಿಳಿಸಿದೆ.
Published by Mihir Akash K.R Printed by M.S.Shivaprakash on behalf of Mihir Akash K.R. Printed at M.S. Shivaprakash, IDEAL OFFSET PRINTERS, #337, SLJ Temple Street, Old Town Mandya Dist-571401, Karnataka. Published from Mihir Akash K.R, #78, Daya Marga Near Geetha School, Siddartha Nagar Mysore - 570011, Editor K.N Ravi.
